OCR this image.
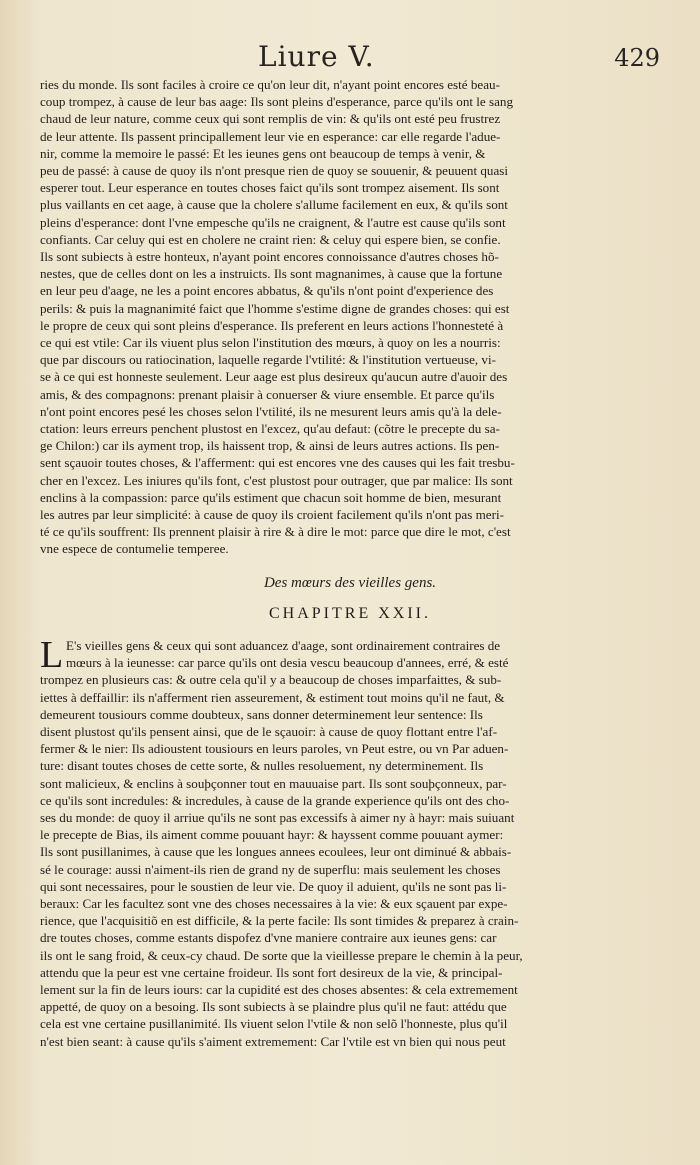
Liure V.	429
ries du monde. Ils sont faciles à croire ce qu'on leur dit, n'ayant point encores esté beau-
coup trompez, à cause de leur bas aage: Ils sont pleins d'esperance, parce qu'ils ont le sang
chaud de leur nature, comme ceux qui sont remplis de vin: & qu'ils ont esté peu frustrez
de leur attente. Ils passent principallement leur vie en esperance: car elle regarde l'aduе-
nir, comme la memoire le passé: Et les ieunes gens ont beaucoup de temps à venir, &
peu de passé: à cause de quoy ils n'ont presque rien de quoy se souuenir, & peuuent quasi
esperer tout. Leur esperance en toutes choses faict qu'ils sont trompez aisement. Ils sont
plus vaillants en cet aage, à cause que la cholere s'allume facilement en eux, & qu'ils sont
pleins d'esperance: dont l'vne empesche qu'ils ne craignent, & l'autre est cause qu'ils sont
confiants. Car celuy qui est en cholere ne craint rien: & celuy qui espere bien, se confie.
Ils sont subiects à estre honteux, n'ayant point encores connoissance d'autres choses hõ-
nestes, que de celles dont on les a instruicts. Ils sont magnanimes, à cause que la fortune
en leur peu d'aage, ne les a point encores abbatus, & qu'ils n'ont point d'experience des
perils: & puis la magnanimité faict que l'homme s'estime digne de grandes choses: qui est
le propre de ceux qui sont pleins d'esperance. Ils preferent en leurs actions l'honnesteté à
ce qui est vtile: Car ils viuent plus selon l'institution des mœurs, à quoy on les a nourris:
que par discours ou ratiocination, laquelle regarde l'vtilité: & l'institution vertueuse, vi-
se à ce qui est honneste seulement. Leur aage est plus desireux qu'aucun autre d'auoir des
amis, & des compagnons: prenant plaisir à conuerser & viure ensemble. Et parce qu'ils
n'ont point encores pesé les choses selon l'vtilité, ils ne mesurent leurs amis qu'à la dele-
ctation: leurs erreurs penchent plustost en l'excez, qu'au defaut: (cõtre le precepte du sa-
ge Chilon:) car ils ayment trop, ils haissent trop, & ainsi de leurs autres actions. Ils pen-
sent sçauoir toutes choses, & l'afferment: qui est encores vne des causes qui les fait tresbu-
cher en l'excez. Les iniures qu'ils font, c'est plustost pour outrager, que par malice: Ils sont
enclins à la compassion: parce qu'ils estiment que chacun soit homme de bien, mesurant
les autres par leur simplicité: à cause de quoy ils croient facilement qu'ils n'ont pas meri-
té ce qu'ils souffrent: Ils prennent plaisir à rire & à dire le mot: parce que dire le mot, c'est
vne espece de contumelie temperee.
Des mœurs des vieilles gens.
CHAPITRE XXII.
L E's vieilles gens & ceux qui sont aduancez d'aage, sont ordinairement contraires de
mœurs à la ieunesse: car parce qu'ils ont desia vescu beaucoup d'annees, erré, & esté
trompez en plusieurs cas: & outre cela qu'il y a beaucoup de choses imparfaittes, & sub-
iettes à deffaillir: ils n'afferment rien asseurement, & estiment tout moins qu'il ne faut, &
demeurent tousiours comme doubteux, sans donner determinement leur sentence: Ils
disent plustost qu'ils pensent ainsi, que de le sçauoir: à cause de quoy flottant entre l'af-
fermer & le nier: Ils adioustent tousiours en leurs paroles, vn Peut estre, ou vn Par aduen-
ture: disant toutes choses de cette sorte, & nulles resoluement, ny determinement. Ils
sont malicieux, & enclins à souþçonner tout en mauuaise part. Ils sont souþçonneux, par-
ce qu'ils sont incredules: & incredules, à cause de la grande experience qu'ils ont des cho-
ses du monde: de quoy il arriue qu'ils ne sont pas excessifs à aimer ny à hayr: mais suiuant
le precepte de Bias, ils aiment comme pouuant hayr: & hayssent comme pouuant aymer:
Ils sont pusillanimes, à cause que les longues annees ecoulees, leur ont diminué & abbais-
sé le courage: aussi n'aiment-ils rien de grand ny de superflu: mais seulement les choses
qui sont necessaires, pour le soustien de leur vie. De quoy il aduient, qu'ils ne sont pas li-
beraux: Car les facultez sont vne des choses necessaires à la vie: & eux sçauent par expe-
rience, que l'acquisitiõ en est difficile, & la perte facile: Ils sont timides & preparez à crain-
dre toutes choses, comme estants dispofez d'vne maniere contraire aux ieunes gens: car
ils ont le sang froid, & ceux-cy chaud. De sorte que la vieillesse prepare le chemin à la peur,
attendu que la peur est vne certaine froideur. Ils sont fort desireux de la vie, & principal-
lement sur la fin de leurs iours: car la cupidité est des choses absentes: & cela extremement
appetté, de quoy on a besoing. Ils sont subiects à se plaindre plus qu'il ne faut: attédu que
cela est vne certaine pusillanimité. Ils viuent selon l'vtile & non selõ l'honneste, plus qu'il
n'est bien seant: à cause qu'ils s'aiment extremement: Car l'vtile est vn bien qui nous peut
